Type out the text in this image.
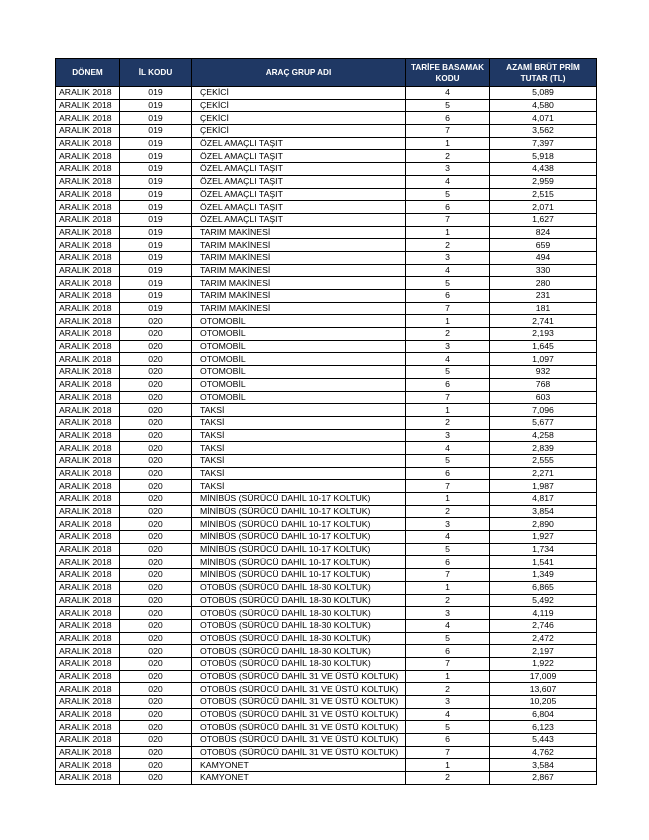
DÖNEM	İL KODU	ARAÇ GRUP ADI	TARİFE BASAMAK KODU	AZAMİ BRÜT PRİM TUTAR (TL)
ARALIK 2018	019	ÇEKİCİ	4	5,089
ARALIK 2018	019	ÇEKİCİ	5	4,580
ARALIK 2018	019	ÇEKİCİ	6	4,071
ARALIK 2018	019	ÇEKİCİ	7	3,562
ARALIK 2018	019	ÖZEL AMAÇLI TAŞIT	1	7,397
ARALIK 2018	019	ÖZEL AMAÇLI TAŞIT	2	5,918
ARALIK 2018	019	ÖZEL AMAÇLI TAŞIT	3	4,438
ARALIK 2018	019	ÖZEL AMAÇLI TAŞIT	4	2,959
ARALIK 2018	019	ÖZEL AMAÇLI TAŞIT	5	2,515
ARALIK 2018	019	ÖZEL AMAÇLI TAŞIT	6	2,071
ARALIK 2018	019	ÖZEL AMAÇLI TAŞIT	7	1,627
ARALIK 2018	019	TARIM MAKİNESİ	1	824
ARALIK 2018	019	TARIM MAKİNESİ	2	659
ARALIK 2018	019	TARIM MAKİNESİ	3	494
ARALIK 2018	019	TARIM MAKİNESİ	4	330
ARALIK 2018	019	TARIM MAKİNESİ	5	280
ARALIK 2018	019	TARIM MAKİNESİ	6	231
ARALIK 2018	019	TARIM MAKİNESİ	7	181
ARALIK 2018	020	OTOMOBİL	1	2,741
ARALIK 2018	020	OTOMOBİL	2	2,193
ARALIK 2018	020	OTOMOBİL	3	1,645
ARALIK 2018	020	OTOMOBİL	4	1,097
ARALIK 2018	020	OTOMOBİL	5	932
ARALIK 2018	020	OTOMOBİL	6	768
ARALIK 2018	020	OTOMOBİL	7	603
ARALIK 2018	020	TAKSİ	1	7,096
ARALIK 2018	020	TAKSİ	2	5,677
ARALIK 2018	020	TAKSİ	3	4,258
ARALIK 2018	020	TAKSİ	4	2,839
ARALIK 2018	020	TAKSİ	5	2,555
ARALIK 2018	020	TAKSİ	6	2,271
ARALIK 2018	020	TAKSİ	7	1,987
ARALIK 2018	020	MİNİBÜS (SÜRÜCÜ DAHİL 10-17 KOLTUK)	1	4,817
ARALIK 2018	020	MİNİBÜS (SÜRÜCÜ DAHİL 10-17 KOLTUK)	2	3,854
ARALIK 2018	020	MİNİBÜS (SÜRÜCÜ DAHİL 10-17 KOLTUK)	3	2,890
ARALIK 2018	020	MİNİBÜS (SÜRÜCÜ DAHİL 10-17 KOLTUK)	4	1,927
ARALIK 2018	020	MİNİBÜS (SÜRÜCÜ DAHİL 10-17 KOLTUK)	5	1,734
ARALIK 2018	020	MİNİBÜS (SÜRÜCÜ DAHİL 10-17 KOLTUK)	6	1,541
ARALIK 2018	020	MİNİBÜS (SÜRÜCÜ DAHİL 10-17 KOLTUK)	7	1,349
ARALIK 2018	020	OTOBÜS (SÜRÜCÜ DAHİL 18-30 KOLTUK)	1	6,865
ARALIK 2018	020	OTOBÜS (SÜRÜCÜ DAHİL 18-30 KOLTUK)	2	5,492
ARALIK 2018	020	OTOBÜS (SÜRÜCÜ DAHİL 18-30 KOLTUK)	3	4,119
ARALIK 2018	020	OTOBÜS (SÜRÜCÜ DAHİL 18-30 KOLTUK)	4	2,746
ARALIK 2018	020	OTOBÜS (SÜRÜCÜ DAHİL 18-30 KOLTUK)	5	2,472
ARALIK 2018	020	OTOBÜS (SÜRÜCÜ DAHİL 18-30 KOLTUK)	6	2,197
ARALIK 2018	020	OTOBÜS (SÜRÜCÜ DAHİL 18-30 KOLTUK)	7	1,922
ARALIK 2018	020	OTOBÜS (SÜRÜCÜ DAHİL 31 VE ÜSTÜ KOLTUK)	1	17,009
ARALIK 2018	020	OTOBÜS (SÜRÜCÜ DAHİL 31 VE ÜSTÜ KOLTUK)	2	13,607
ARALIK 2018	020	OTOBÜS (SÜRÜCÜ DAHİL 31 VE ÜSTÜ KOLTUK)	3	10,205
ARALIK 2018	020	OTOBÜS (SÜRÜCÜ DAHİL 31 VE ÜSTÜ KOLTUK)	4	6,804
ARALIK 2018	020	OTOBÜS (SÜRÜCÜ DAHİL 31 VE ÜSTÜ KOLTUK)	5	6,123
ARALIK 2018	020	OTOBÜS (SÜRÜCÜ DAHİL 31 VE ÜSTÜ KOLTUK)	6	5,443
ARALIK 2018	020	OTOBÜS (SÜRÜCÜ DAHİL 31 VE ÜSTÜ KOLTUK)	7	4,762
ARALIK 2018	020	KAMYONET	1	3,584
ARALIK 2018	020	KAMYONET	2	2,867
